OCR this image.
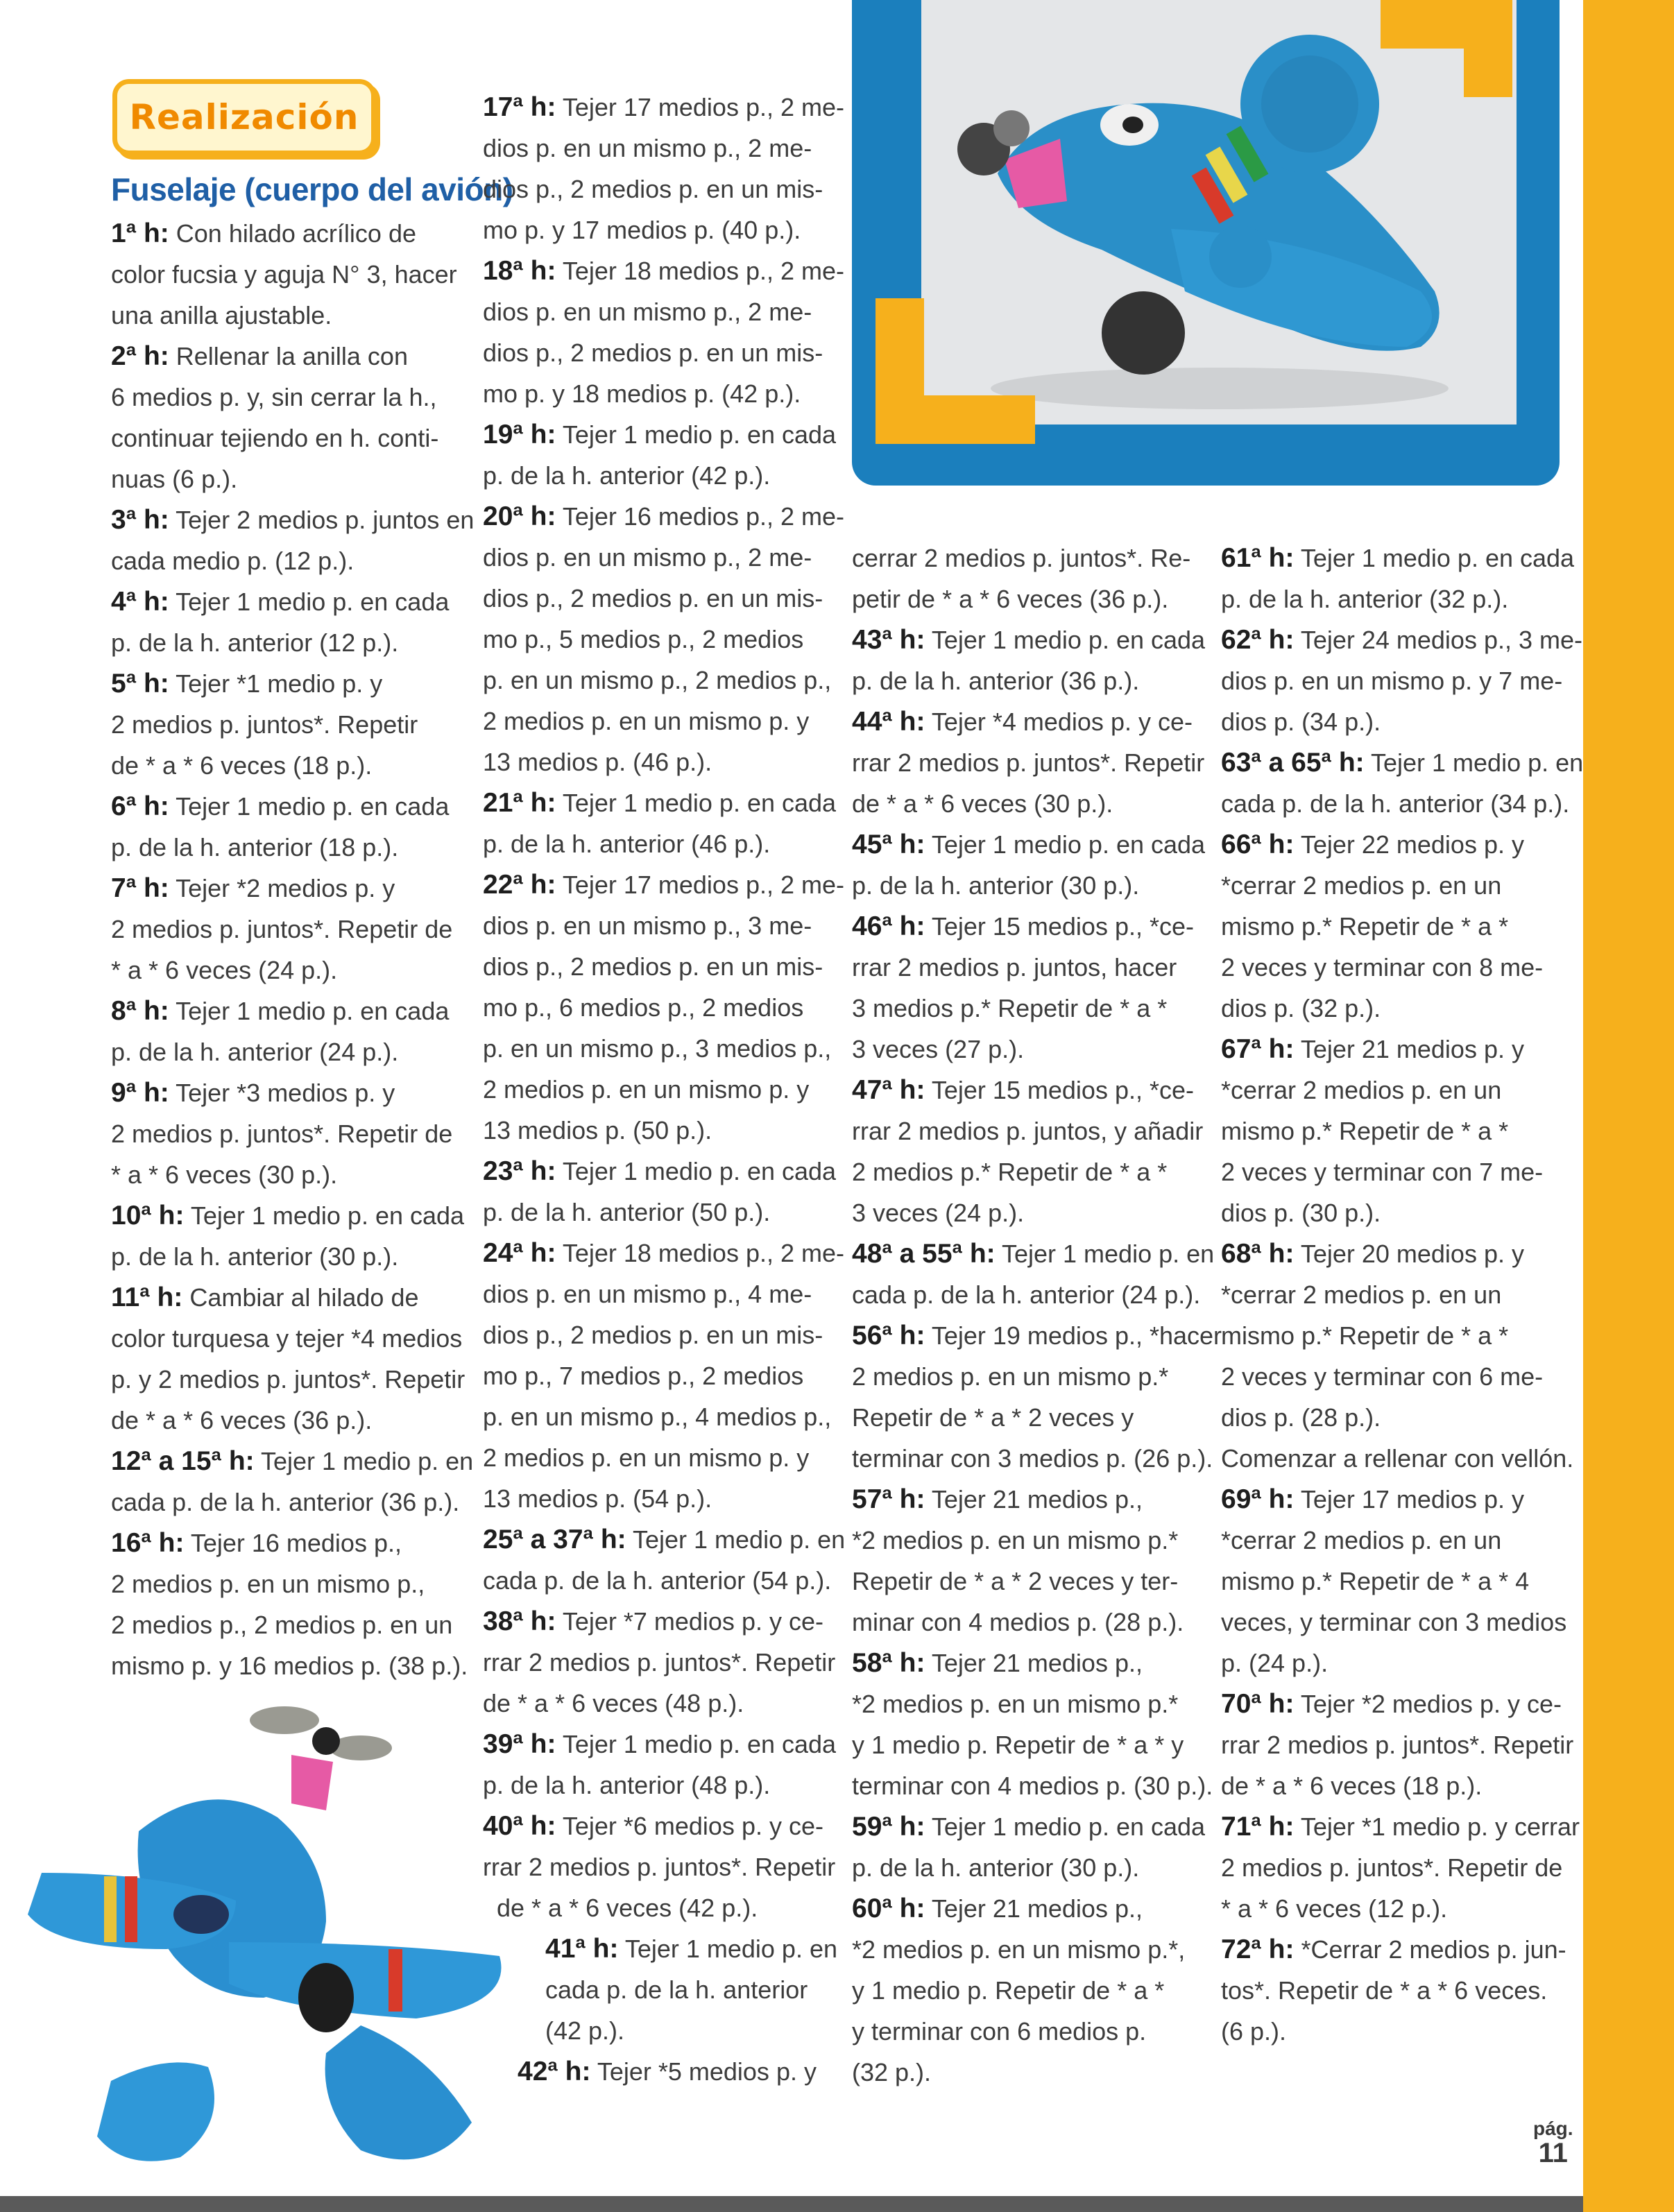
Realización
Fuselaje (cuerpo del avión)
1ª h: Con hilado acrílico de
color fucsia y aguja N° 3, hacer
una anilla ajustable.
2ª h: Rellenar la anilla con
6 medios p. y, sin cerrar la h.,
continuar tejiendo en h. conti-
nuas (6 p.).
3ª h: Tejer 2 medios p. juntos en
cada medio p. (12 p.).
4ª h: Tejer 1 medio p. en cada
p. de la h. anterior (12 p.).
5ª h: Tejer *1 medio p. y
2 medios p. juntos*. Repetir
de * a * 6 veces (18 p.).
6ª h: Tejer 1 medio p. en cada
p. de la h. anterior (18 p.).
7ª h: Tejer *2 medios p. y
2 medios p. juntos*. Repetir de
* a * 6 veces (24 p.).
8ª h: Tejer 1 medio p. en cada
p. de la h. anterior (24 p.).
9ª h: Tejer *3 medios p. y
2 medios p. juntos*. Repetir de
* a * 6 veces (30 p.).
10ª h: Tejer 1 medio p. en cada
p. de la h. anterior (30 p.).
11ª h: Cambiar al hilado de
color turquesa y tejer *4 medios
p. y 2 medios p. juntos*. Repetir
de * a * 6 veces (36 p.).
12ª a 15ª h: Tejer 1 medio p. en
cada p. de la h. anterior (36 p.).
16ª h: Tejer 16 medios p.,
2 medios p. en un mismo p.,
2 medios p., 2 medios p. en un
mismo p. y 16 medios p. (38 p.).
17ª h: Tejer 17 medios p., 2 me-
dios p. en un mismo p., 2 me-
dios p., 2 medios p. en un mis-
mo p. y 17 medios p. (40 p.).
18ª h: Tejer 18 medios p., 2 me-
dios p. en un mismo p., 2 me-
dios p., 2 medios p. en un mis-
mo p. y 18 medios p. (42 p.).
19ª h: Tejer 1 medio p. en cada
p. de la h. anterior (42 p.).
20ª h: Tejer 16 medios p., 2 me-
dios p. en un mismo p., 2 me-
dios p., 2 medios p. en un mis-
mo p., 5 medios p., 2 medios
p. en un mismo p., 2 medios p.,
2 medios p. en un mismo p. y
13 medios p. (46 p.).
21ª h: Tejer 1 medio p. en cada
p. de la h. anterior (46 p.).
22ª h: Tejer 17 medios p., 2 me-
dios p. en un mismo p., 3 me-
dios p., 2 medios p. en un mis-
mo p., 6 medios p., 2 medios
p. en un mismo p., 3 medios p.,
2 medios p. en un mismo p. y
13 medios p. (50 p.).
23ª h: Tejer 1 medio p. en cada
p. de la h. anterior (50 p.).
24ª h: Tejer 18 medios p., 2 me-
dios p. en un mismo p., 4 me-
dios p., 2 medios p. en un mis-
mo p., 7 medios p., 2 medios
p. en un mismo p., 4 medios p.,
2 medios p. en un mismo p. y
13 medios p. (54 p.).
25ª a 37ª h: Tejer 1 medio p. en
cada p. de la h. anterior (54 p.).
38ª h: Tejer *7 medios p. y ce-
rrar 2 medios p. juntos*. Repetir
de * a * 6 veces (48 p.).
39ª h: Tejer 1 medio p. en cada
p. de la h. anterior (48 p.).
40ª h: Tejer *6 medios p. y ce-
rrar 2 medios p. juntos*. Repetir
de * a * 6 veces (42 p.).
41ª h: Tejer 1 medio p. en
cada p. de la h. anterior
(42 p.).
42ª h: Tejer *5 medios p. y
cerrar 2 medios p. juntos*. Re-
petir de * a * 6 veces (36 p.).
43ª h: Tejer 1 medio p. en cada
p. de la h. anterior (36 p.).
44ª h: Tejer *4 medios p. y ce-
rrar 2 medios p. juntos*. Repetir
de * a * 6 veces (30 p.).
45ª h: Tejer 1 medio p. en cada
p. de la h. anterior (30 p.).
46ª h: Tejer 15 medios p., *ce-
rrar 2 medios p. juntos, hacer
3 medios p.* Repetir de * a *
3 veces (27 p.).
47ª h: Tejer 15 medios p., *ce-
rrar 2 medios p. juntos, y añadir
2 medios p.* Repetir de * a *
3 veces (24 p.).
48ª a 55ª h: Tejer 1 medio p. en
cada p. de la h. anterior (24 p.).
56ª h: Tejer 19 medios p., *hacer
2 medios p. en un mismo p.*
Repetir de * a * 2 veces y
terminar con 3 medios p. (26 p.).
57ª h: Tejer 21 medios p.,
*2 medios p. en un mismo p.*
Repetir de * a * 2 veces y ter-
minar con 4 medios p. (28 p.).
58ª h: Tejer 21 medios p.,
*2 medios p. en un mismo p.*
y 1 medio p. Repetir de * a * y
terminar con 4 medios p. (30 p.).
59ª h: Tejer 1 medio p. en cada
p. de la h. anterior (30 p.).
60ª h: Tejer 21 medios p.,
*2 medios p. en un mismo p.*,
y 1 medio p. Repetir de * a *
y terminar con 6 medios p.
(32 p.).
61ª h: Tejer 1 medio p. en cada
p. de la h. anterior (32 p.).
62ª h: Tejer 24 medios p., 3 me-
dios p. en un mismo p. y 7 me-
dios p. (34 p.).
63ª a 65ª h: Tejer 1 medio p. en
cada p. de la h. anterior (34 p.).
66ª h: Tejer 22 medios p. y
*cerrar 2 medios p. en un
mismo p.* Repetir de * a *
2 veces y terminar con 8 me-
dios p. (32 p.).
67ª h: Tejer 21 medios p. y
*cerrar 2 medios p. en un
mismo p.* Repetir de * a *
2 veces y terminar con 7 me-
dios p. (30 p.).
68ª h: Tejer 20 medios p. y
*cerrar 2 medios p. en un
mismo p.* Repetir de * a *
2 veces y terminar con 6 me-
dios p. (28 p.).
Comenzar a rellenar con vellón.
69ª h: Tejer 17 medios p. y
*cerrar 2 medios p. en un
mismo p.* Repetir de * a * 4
veces, y terminar con 3 medios
p. (24 p.).
70ª h: Tejer *2 medios p. y ce-
rrar 2 medios p. juntos*. Repetir
de * a * 6 veces (18 p.).
71ª h: Tejer *1 medio p. y cerrar
2 medios p. juntos*. Repetir de
* a * 6 veces (12 p.).
72ª h: *Cerrar 2 medios p. jun-
tos*. Repetir de * a * 6 veces.
(6 p.).
pág.
11
